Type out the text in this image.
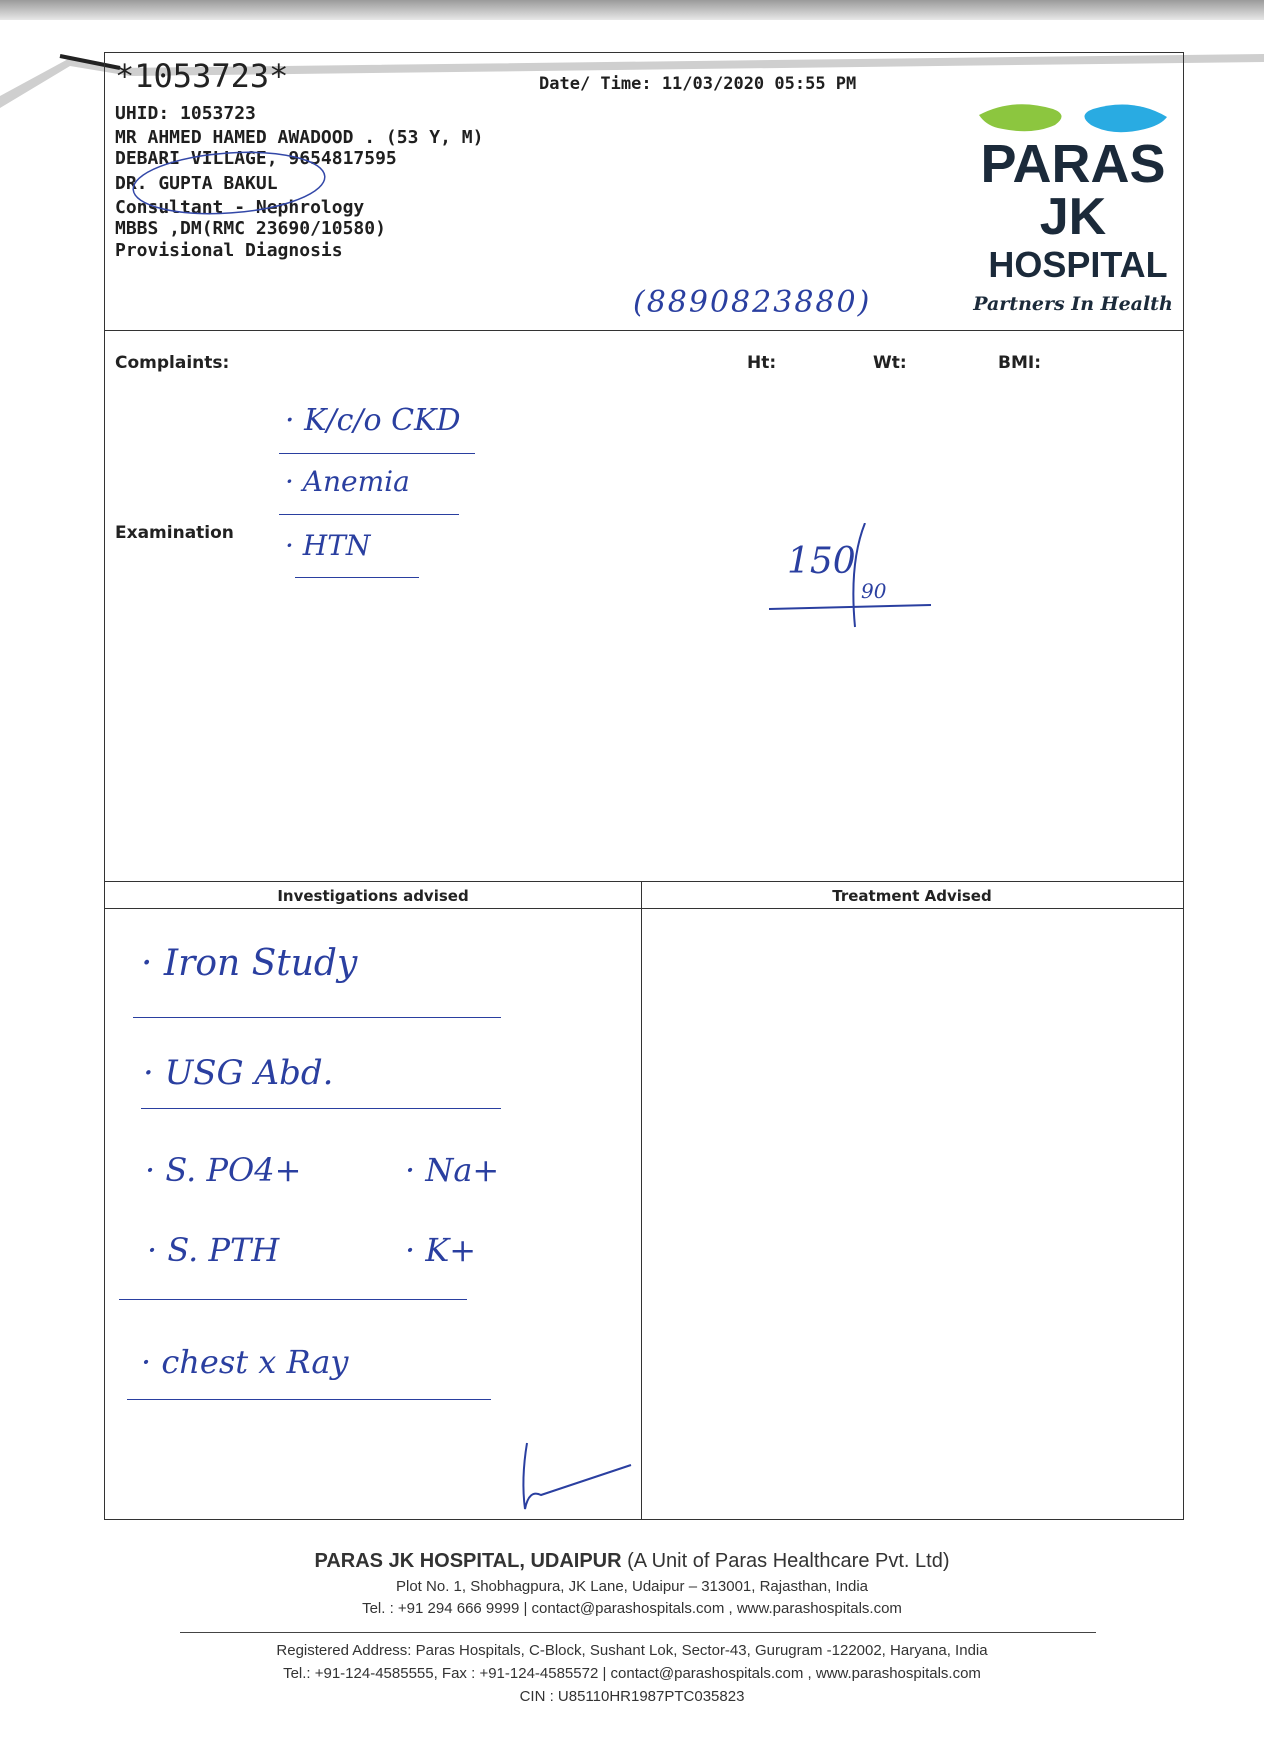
*1053723*	Date/ Time: 11/03/2020 05:55 PM
UHID: 1053723
MR AHMED HAMED AWADOOD . (53 Y, M)
DEBARI VILLAGE, 9654817595
DR. GUPTA BAKUL
Consultant - Nephrology
MBBS ,DM(RMC 23690/10580)
Provisional Diagnosis
(8890823880)
PARAS
JK
HOSPITAL
Partners In Health
Complaints:	Ht:	Wt:	BMI:
Examination
· K/c/o CKD
· Anemia
· HTN	150
90
Investigations advised	Treatment Advised
· Iron Study
· USG Abd.
· S. PO4+	· Na+
· S. PTH	· K+
· chest x Ray
PARAS JK HOSPITAL, UDAIPUR (A Unit of Paras Healthcare Pvt. Ltd)
Plot No. 1, Shobhagpura, JK Lane, Udaipur – 313001, Rajasthan, India
Tel. : +91 294 666 9999 | contact@parashospitals.com , www.parashospitals.com
Registered Address: Paras Hospitals, C-Block, Sushant Lok, Sector-43, Gurugram -122002, Haryana, India
Tel.: +91-124-4585555, Fax : +91-124-4585572 | contact@parashospitals.com , www.parashospitals.com
CIN : U85110HR1987PTC035823
